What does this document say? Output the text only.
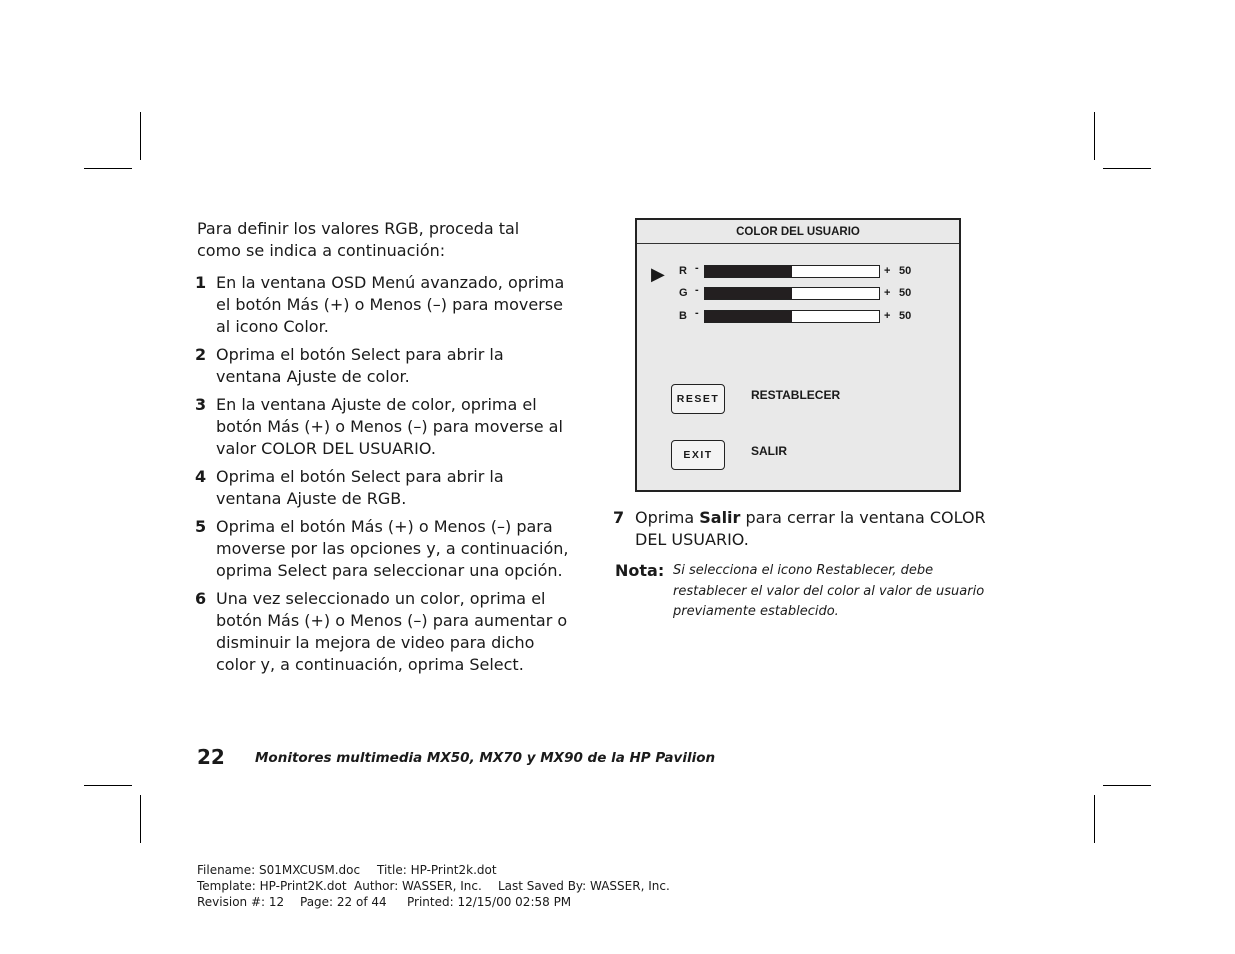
Para definir los valores RGB, proceda tal como se indica a continuación:

1 En la ventana OSD Menú avanzado, oprima el botón Más (+) o Menos (–) para moverse al icono Color.
2 Oprima el botón Select para abrir la ventana Ajuste de color.
3 En la ventana Ajuste de color, oprima el botón Más (+) o Menos (–) para moverse al valor COLOR DEL USUARIO.
4 Oprima el botón Select para abrir la ventana Ajuste de RGB.
5 Oprima el botón Más (+) o Menos (–) para moverse por las opciones y, a continuación, oprima Select para seleccionar una opción.
6 Una vez seleccionado un color, oprima el botón Más (+) o Menos (–) para aumentar o disminuir la mejora de video para dicho color y, a continuación, oprima Select.
COLOR DEL USUARIO
▶ R -	+ 50
G -	+ 50
B -	+ 50
RESET	RESTABLECER
EXIT	SALIR
7 Oprima Salir para cerrar la ventana COLOR DEL USUARIO.
Nota: Si selecciona el icono Restablecer, debe restablecer el valor del color al valor de usuario previamente establecido.
22 Monitores multimedia MX50, MX70 y MX90 de la HP Pavilion
Filename: S01MXCUSM.doc Title: HP-Print2k.dot
Template: HP-Print2K.dot Author: WASSER, Inc. Last Saved By: WASSER, Inc.
Revision #: 12 Page: 22 of 44 Printed: 12/15/00 02:58 PM
